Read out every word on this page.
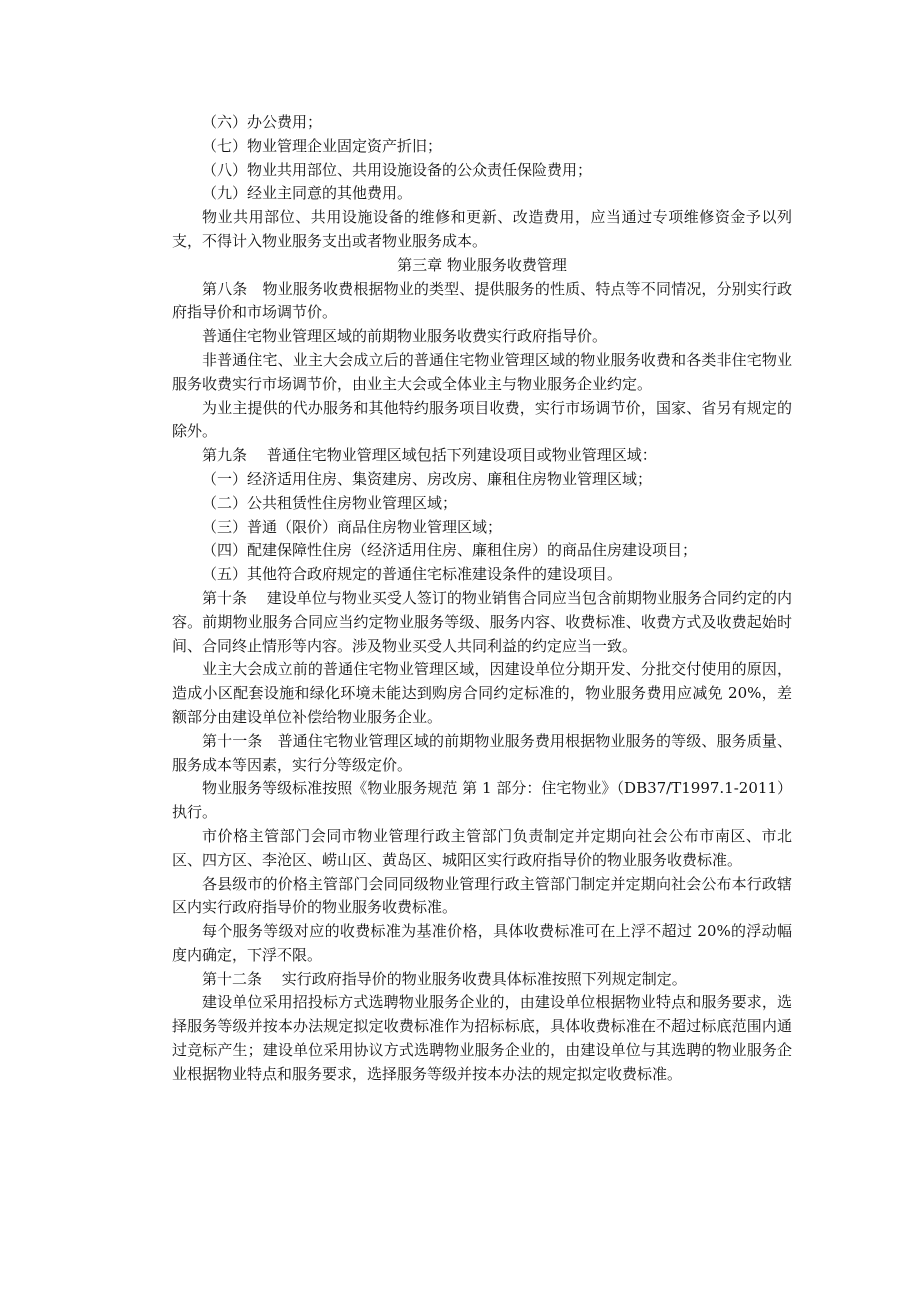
（六）办公费用；

（七）物业管理企业固定资产折旧；

（八）物业共用部位、共用设施设备的公众责任保险费用；

（九）经业主同意的其他费用。

物业共用部位、共用设施设备的维修和更新、改造费用，应当通过专项维修资金予以列支，不得计入物业服务支出或者物业服务成本。

第三章 物业服务收费管理

第八条　物业服务收费根据物业的类型、提供服务的性质、特点等不同情况，分别实行政府指导价和市场调节价。

普通住宅物业管理区域的前期物业服务收费实行政府指导价。

非普通住宅、业主大会成立后的普通住宅物业管理区域的物业服务收费和各类非住宅物业服务收费实行市场调节价，由业主大会或全体业主与物业服务企业约定。

为业主提供的代办服务和其他特约服务项目收费，实行市场调节价，国家、省另有规定的除外。

第九条　 普通住宅物业管理区域包括下列建设项目或物业管理区域：

（一）经济适用住房、集资建房、房改房、廉租住房物业管理区域；

（二）公共租赁性住房物业管理区域；

（三）普通（限价）商品住房物业管理区域；

（四）配建保障性住房（经济适用住房、廉租住房）的商品住房建设项目；

（五）其他符合政府规定的普通住宅标准建设条件的建设项目。

第十条　 建设单位与物业买受人签订的物业销售合同应当包含前期物业服务合同约定的内容。前期物业服务合同应当约定物业服务等级、服务内容、收费标准、收费方式及收费起始时间、合同终止情形等内容。涉及物业买受人共同利益的约定应当一致。

业主大会成立前的普通住宅物业管理区域，因建设单位分期开发、分批交付使用的原因，造成小区配套设施和绿化环境未能达到购房合同约定标准的，物业服务费用应减免 20%，差额部分由建设单位补偿给物业服务企业。

第十一条　普通住宅物业管理区域的前期物业服务费用根据物业服务的等级、服务质量、服务成本等因素，实行分等级定价。

物业服务等级标准按照《物业服务规范 第 1 部分：住宅物业》（DB37/T1997.1-2011）执行。

市价格主管部门会同市物业管理行政主管部门负责制定并定期向社会公布市南区、市北区、四方区、李沧区、崂山区、黄岛区、城阳区实行政府指导价的物业服务收费标准。

各县级市的价格主管部门会同同级物业管理行政主管部门制定并定期向社会公布本行政辖区内实行政府指导价的物业服务收费标准。

每个服务等级对应的收费标准为基准价格，具体收费标准可在上浮不超过 20%的浮动幅度内确定，下浮不限。

第十二条　 实行政府指导价的物业服务收费具体标准按照下列规定制定。

建设单位采用招投标方式选聘物业服务企业的，由建设单位根据物业特点和服务要求，选择服务等级并按本办法规定拟定收费标准作为招标标底，具体收费标准在不超过标底范围内通过竞标产生；建设单位采用协议方式选聘物业服务企业的，由建设单位与其选聘的物业服务企业根据物业特点和服务要求，选择服务等级并按本办法的规定拟定收费标准。
